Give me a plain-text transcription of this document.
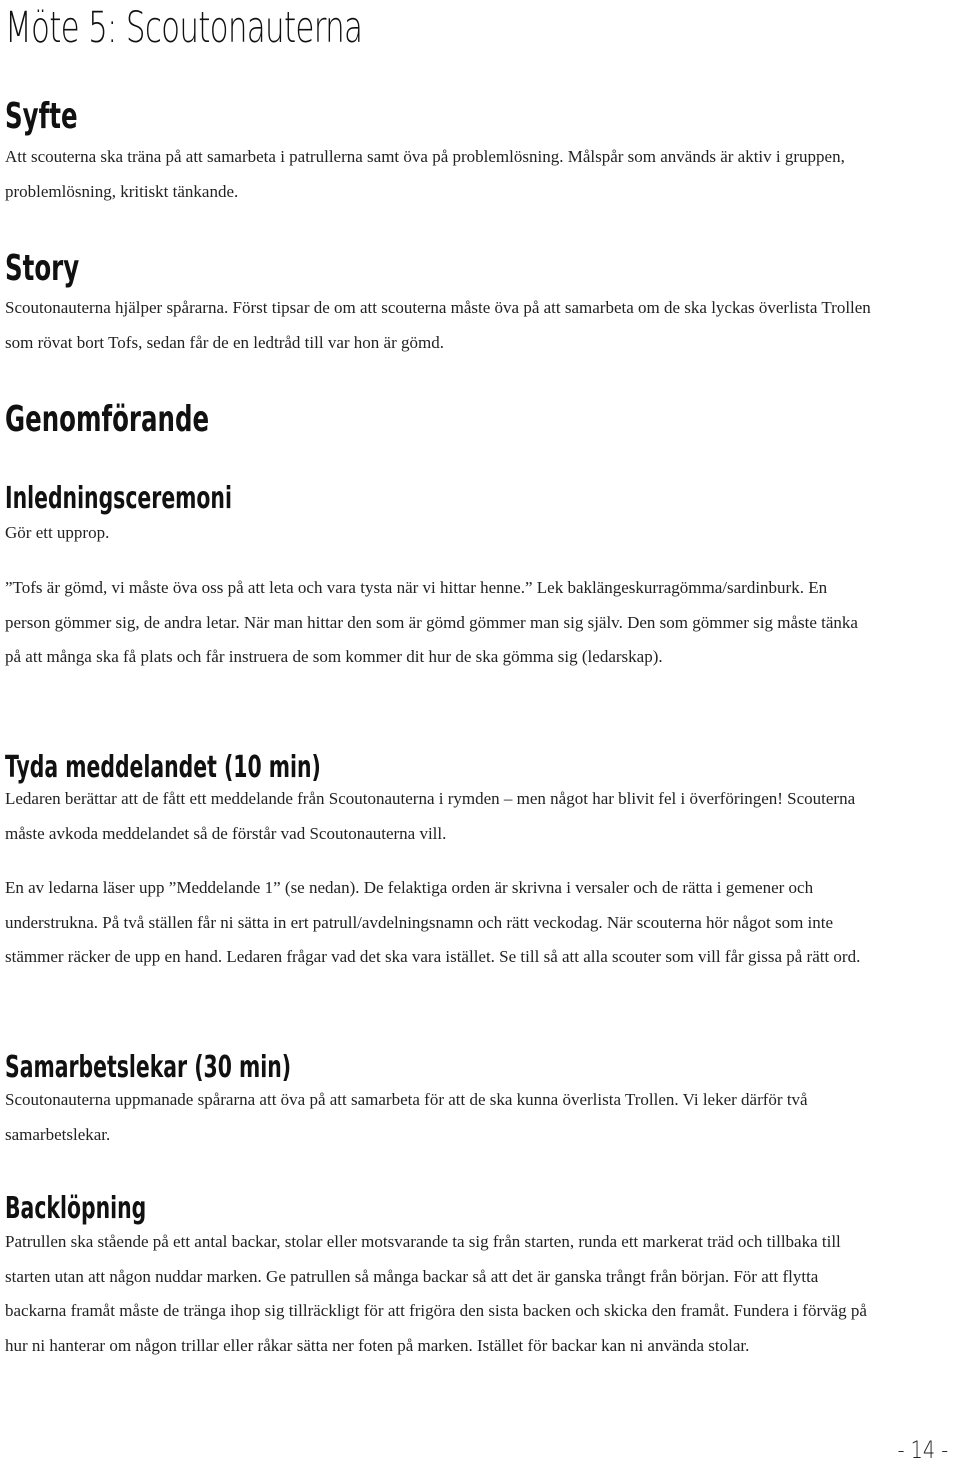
Möte 5: Scoutonauterna
Syfte
Att scouterna ska träna på att samarbeta i patrullerna samt öva på problemlösning. Målspår som används är aktiv i gruppen, problemlösning, kritiskt tänkande.
Story
Scoutonauterna hjälper spårarna. Först tipsar de om att scouterna måste öva på att samarbeta om de ska lyckas överlista Trollen som rövat bort Tofs, sedan får de en ledtråd till var hon är gömd.
Genomförande
Inledningsceremoni
Gör ett upprop.
”Tofs är gömd, vi måste öva oss på att leta och vara tysta när vi hittar henne.” Lek baklängeskurragömma/sardinburk. En person gömmer sig, de andra letar. När man hittar den som är gömd gömmer man sig själv. Den som gömmer sig måste tänka på att många ska få plats och får instruera de som kommer dit hur de ska gömma sig (ledarskap).
Tyda meddelandet (10 min)
Ledaren berättar att de fått ett meddelande från Scoutonauterna i rymden – men något har blivit fel i överföringen! Scouterna måste avkoda meddelandet så de förstår vad Scoutonauterna vill.
En av ledarna läser upp ”Meddelande 1” (se nedan). De felaktiga orden är skrivna i versaler och de rätta i gemener och understrukna. På två ställen får ni sätta in ert patrull/avdelningsnamn och rätt veckodag. När scouterna hör något som inte stämmer räcker de upp en hand. Ledaren frågar vad det ska vara istället. Se till så att alla scouter som vill får gissa på rätt ord.
Samarbetslekar (30 min)
Scoutonauterna uppmanade spårarna att öva på att samarbeta för att de ska kunna överlista Trollen. Vi leker därför två samarbetslekar.
Backlöpning
Patrullen ska stående på ett antal backar, stolar eller motsvarande ta sig från starten, runda ett markerat träd och tillbaka till starten utan att någon nuddar marken. Ge patrullen så många backar så att det är ganska trångt från början. För att flytta backarna framåt måste de tränga ihop sig tillräckligt för att frigöra den sista backen och skicka den framåt. Fundera i förväg på hur ni hanterar om någon trillar eller råkar sätta ner foten på marken. Istället för backar kan ni använda stolar.
- 14 -
